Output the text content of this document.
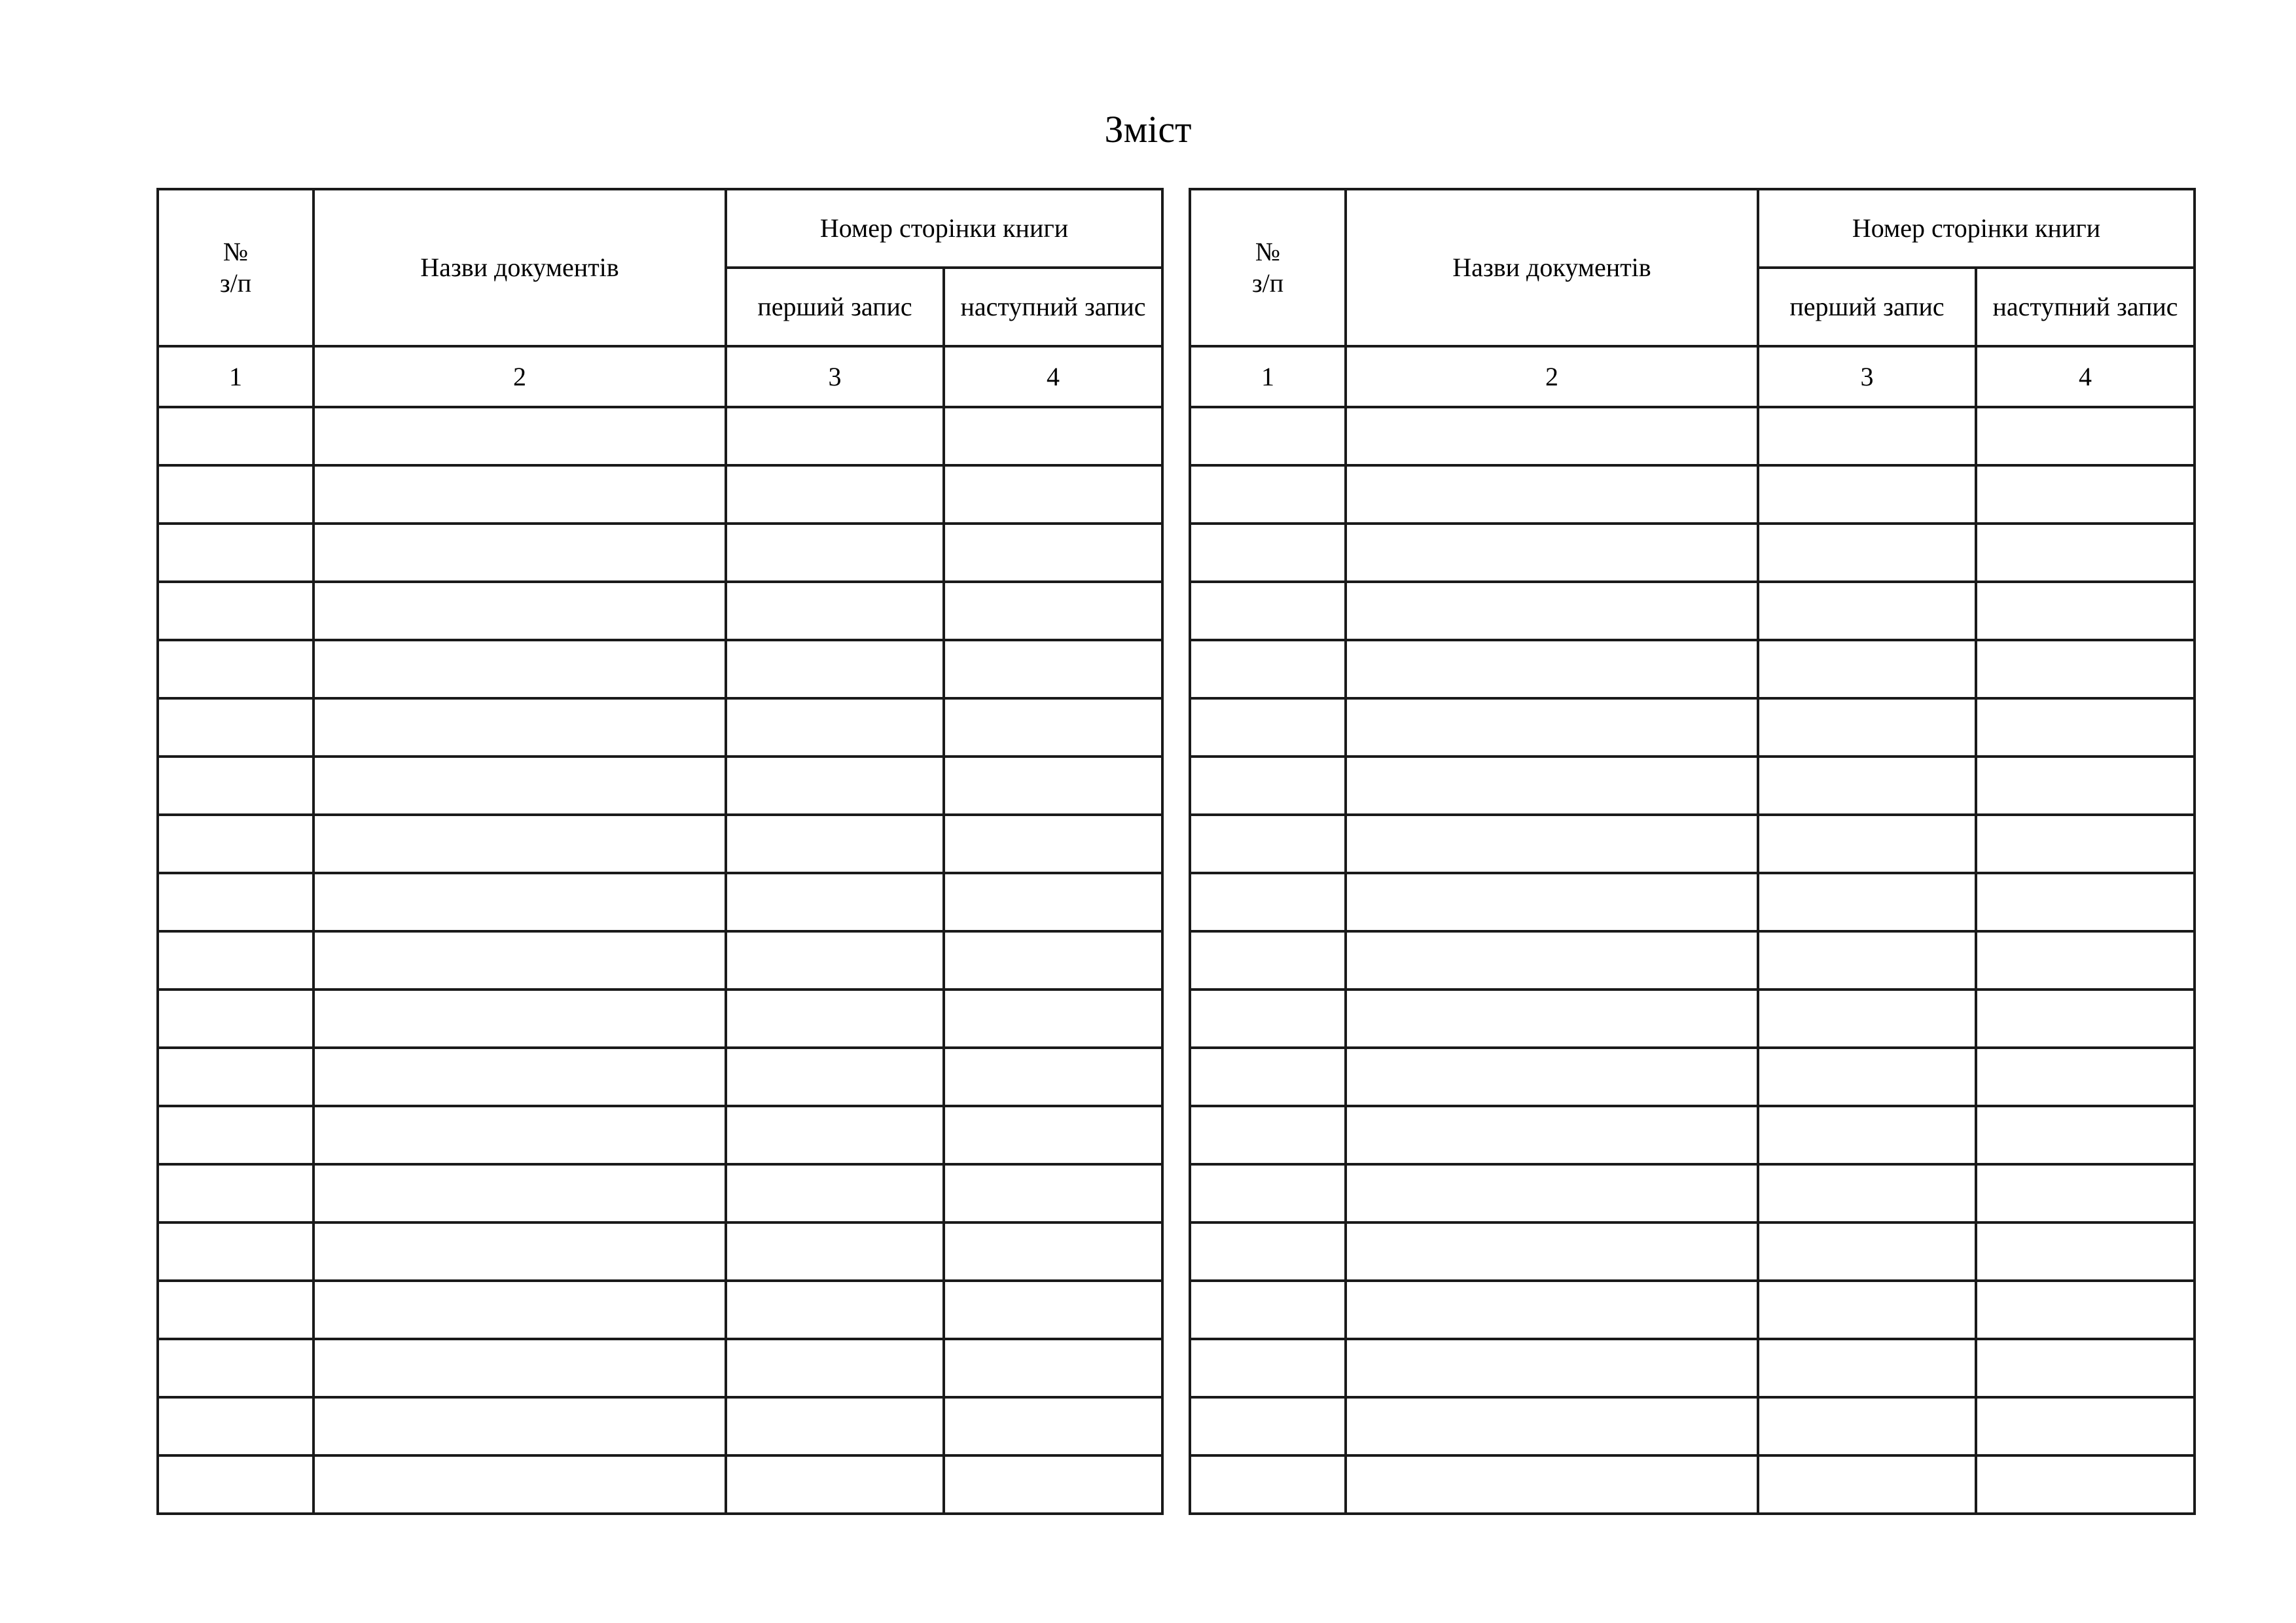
Зміст
№
з/п	Назви документів	Номер сторінки книги	
		перший запис	наступний запис
1	2	3	4

№
з/п	Назви документів	Номер сторінки книги	
		перший запис	наступний запис
1	2	3	4
